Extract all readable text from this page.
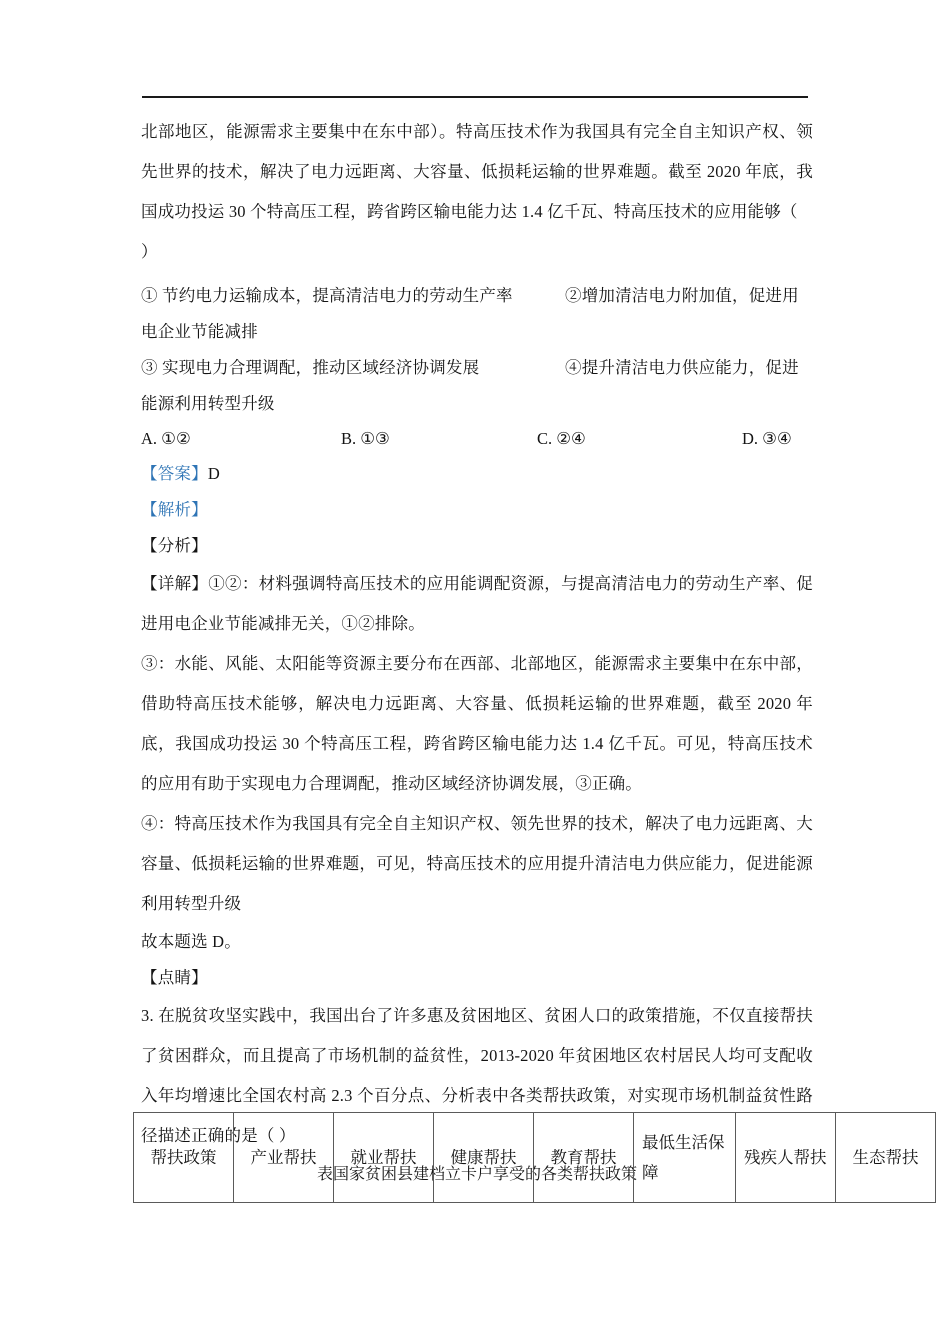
北部地区，能源需求主要集中在东中部）。特高压技术作为我国具有完全自主知识产权、领先世界的技术，解决了电力远距离、大容量、低损耗运输的世界难题。截至 2020 年底，我国成功投运 30 个特高压工程，跨省跨区输电能力达 1.4 亿千瓦、特高压技术的应用能够（

）

① 节约电力运输成本，提高清洁电力的劳动生产率	②增加清洁电力附加值，促进用
电企业节能减排
③ 实现电力合理调配，推动区域经济协调发展	④提升清洁电力供应能力，促进
能源利用转型升级
A. ①②	B. ①③	C. ②④	D. ③④

【答案】D

【解析】

【分析】

【详解】①②：材料强调特高压技术的应用能调配资源，与提高清洁电力的劳动生产率、促进用电企业节能减排无关，①②排除。

③：水能、风能、太阳能等资源主要分布在西部、北部地区，能源需求主要集中在东中部，借助特高压技术能够，解决电力远距离、大容量、低损耗运输的世界难题，截至 2020 年底，我国成功投运 30 个特高压工程，跨省跨区输电能力达 1.4 亿千瓦。可见，特高压技术的应用有助于实现电力合理调配，推动区域经济协调发展，③正确。

④：特高压技术作为我国具有完全自主知识产权、领先世界的技术，解决了电力远距离、大容量、低损耗运输的世界难题，可见，特高压技术的应用提升清洁电力供应能力，促进能源利用转型升级

故本题选 D。

【点睛】

3. 在脱贫攻坚实践中，我国出台了许多惠及贫困地区、贫困人口的政策措施，不仅直接帮扶了贫困群众，而且提高了市场机制的益贫性，2013-2020 年贫困地区农村居民人均可支配收入年均增速比全国农村高 2.3 个百分点、分析表中各类帮扶政策，对实现市场机制益贫性路径描述正确的是（ ）

表国家贫困县建档立卡户享受的各类帮扶政策

帮扶政策	产业帮扶	就业帮扶	健康帮扶	教育帮扶	最低生活保障	残疾人帮扶	生态帮扶
